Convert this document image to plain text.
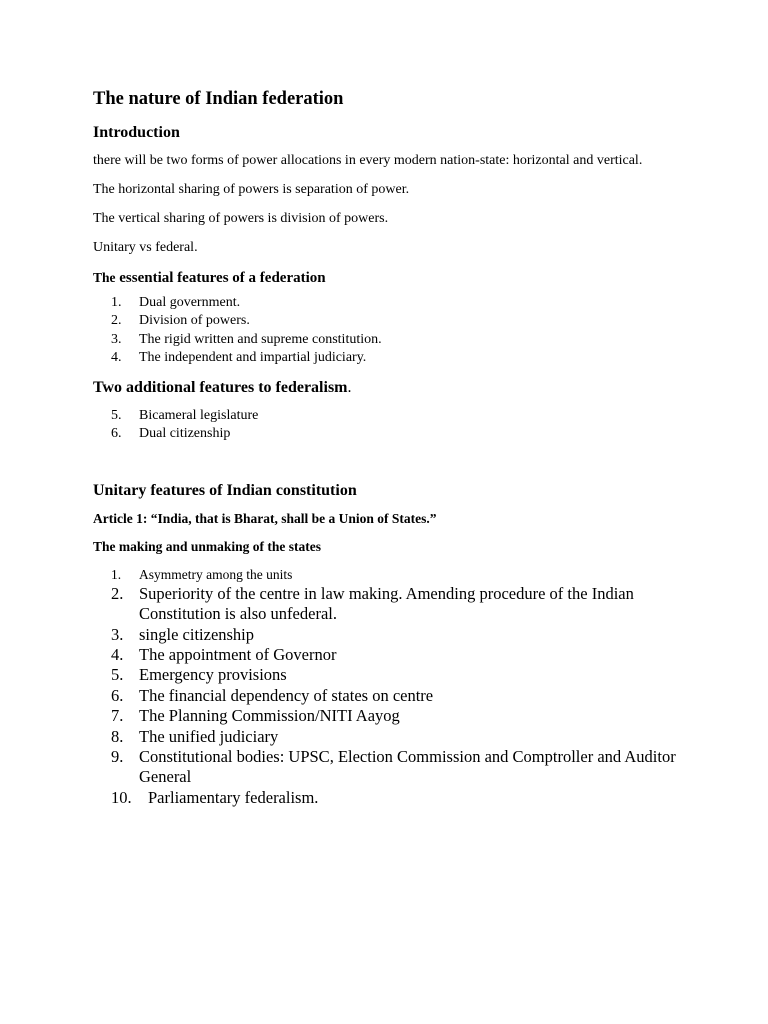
The nature of Indian federation
Introduction

there will be two forms of power allocations in every modern nation-state: horizontal and vertical.

The horizontal sharing of powers is separation of power.

The vertical sharing of powers is division of powers.

Unitary vs federal.

The essential features of a federation
1.	Dual government.
2.	Division of powers.
3.	The rigid written and supreme constitution.
4.	The independent and impartial judiciary.
Two additional features to federalism.
5.	Bicameral legislature
6.	Dual citizenship
Unitary features of Indian constitution
Article 1: “India, that is Bharat, shall be a Union of States.”
The making and unmaking of the states
1.	Asymmetry among the units
2. Superiority of the centre in law making. Amending procedure of the Indian Constitution is also unfederal.
3. single citizenship
4. The appointment of Governor
5. Emergency provisions
6. The financial dependency of states on centre
7. The Planning Commission/NITI Aayog
8. The unified judiciary
9. Constitutional bodies: UPSC, Election Commission and Comptroller and Auditor General
10. Parliamentary federalism.
